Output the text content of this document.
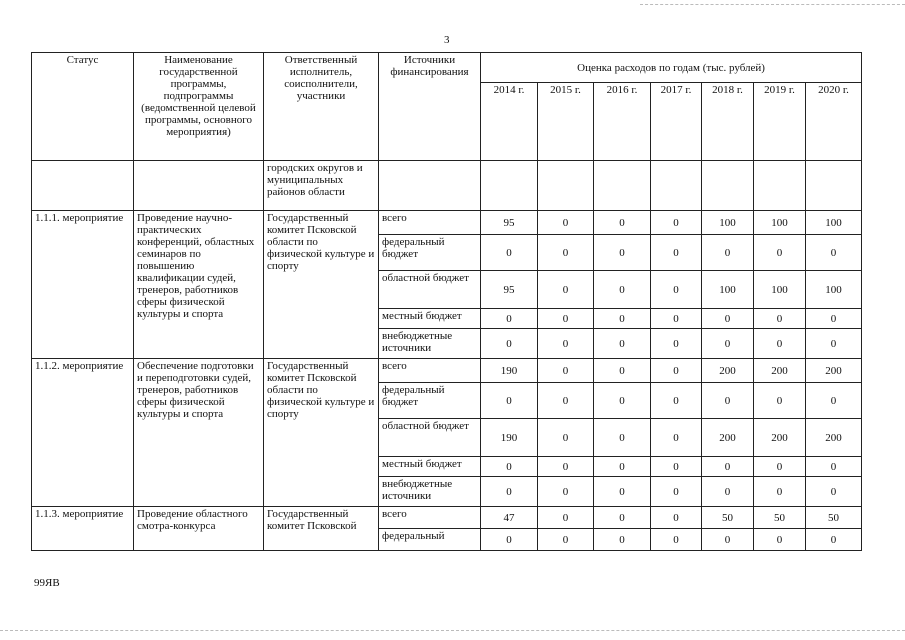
3
Статус	Наименование государственной программы, подпрограммы (ведомственной целевой программы, основного мероприятия)	Ответственный исполнитель, соисполнители, участники	Источники финансирования	Оценка расходов по годам (тыс. рублей)						
				2014 г.	2015 г.	2016 г.	2017 г.	2018 г.	2019 г.	2020 г.
		городских округов и муниципальных районов области								
1.1.1. мероприятие	Проведение научно-практических конференций, областных семинаров по повышению квалификации судей, тренеров, работников сферы физической культуры и спорта	Государственный комитет Псковской области по физической культуре и спорту	всего	95	0	0	0	100	100	100
			федеральный бюджет	0	0	0	0	0	0	0
			областной бюджет	95	0	0	0	100	100	100
			местный бюджет	0	0	0	0	0	0	0
			внебюджетные источники	0	0	0	0	0	0	0
1.1.2. мероприятие	Обеспечение подготовки и переподготовки судей, тренеров, работников сферы физической культуры и спорта	Государственный комитет Псковской области по физической культуре и спорту	всего	190	0	0	0	200	200	200
			федеральный бюджет	0	0	0	0	0	0	0
			областной бюджет	190	0	0	0	200	200	200
			местный бюджет	0	0	0	0	0	0	0
			внебюджетные источники	0	0	0	0	0	0	0
1.1.3. мероприятие	Проведение областного смотра-конкурса	Государственный комитет Псковской	всего	47	0	0	0	50	50	50
			федеральный	0	0	0	0	0	0	0
99ЯВ
